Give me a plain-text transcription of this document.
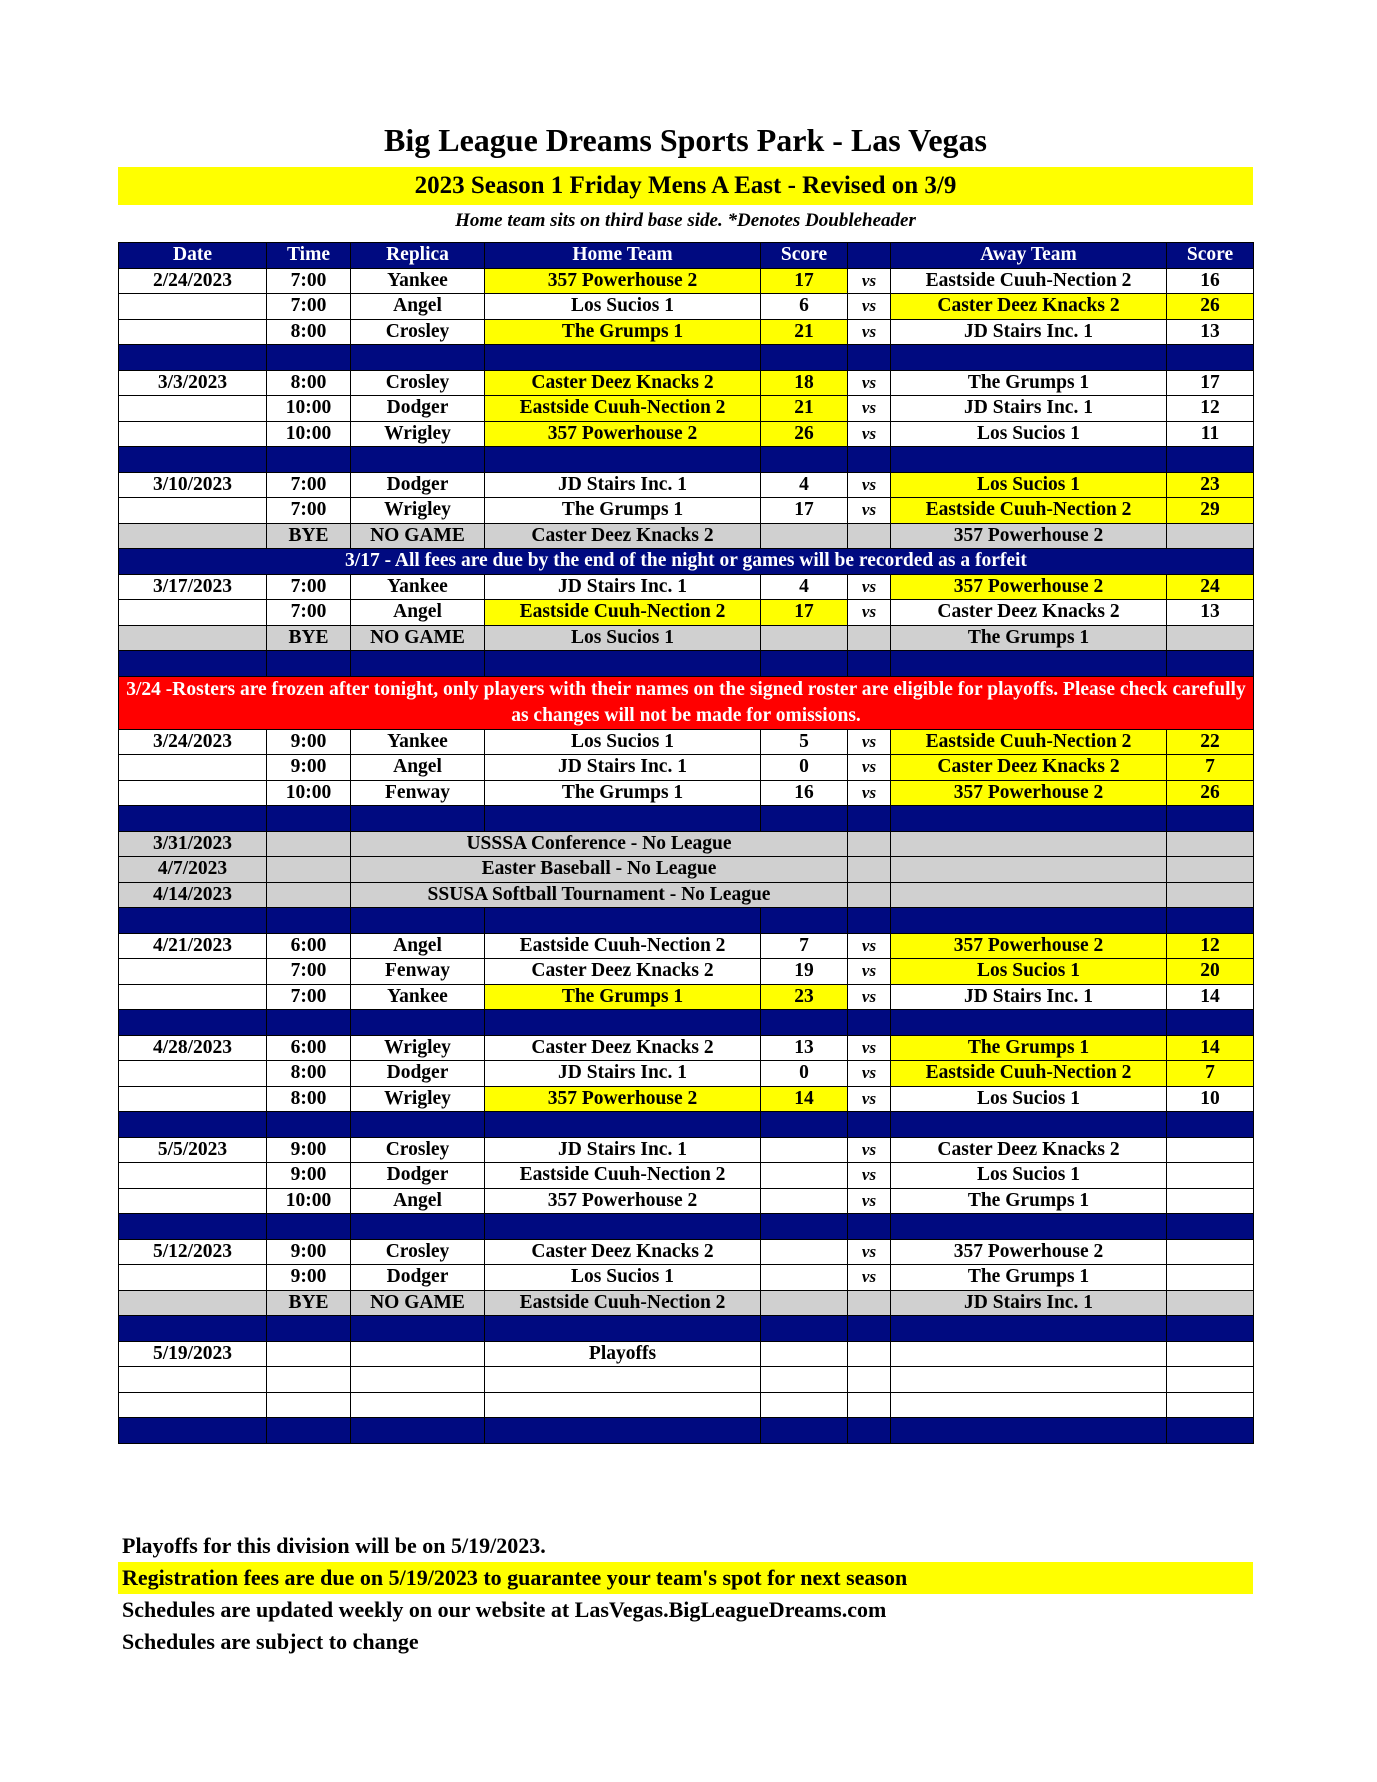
Big League Dreams Sports Park - Las Vegas
2023 Season 1 Friday Mens A East - Revised on 3/9
Home team sits on third base side. *Denotes Doubleheader
Date	Time	Replica	Home Team	Score		Away Team	Score
2/24/2023	7:00	Yankee	357 Powerhouse 2	17	vs	Eastside Cuuh-Nection 2	16
	7:00	Angel	Los Sucios 1	6	vs	Caster Deez Knacks 2	26
	8:00	Crosley	The Grumps 1	21	vs	JD Stairs Inc. 1	13

3/3/2023	8:00	Crosley	Caster Deez Knacks 2	18	vs	The Grumps 1	17
	10:00	Dodger	Eastside Cuuh-Nection 2	21	vs	JD Stairs Inc. 1	12
	10:00	Wrigley	357 Powerhouse 2	26	vs	Los Sucios 1	11

3/10/2023	7:00	Dodger	JD Stairs Inc. 1	4	vs	Los Sucios 1	23
	7:00	Wrigley	The Grumps 1	17	vs	Eastside Cuuh-Nection 2	29
	BYE	NO GAME	Caster Deez Knacks 2			357 Powerhouse 2	
3/17 - All fees are due by the end of the night or games will be recorded as a forfeit							
3/17/2023	7:00	Yankee	JD Stairs Inc. 1	4	vs	357 Powerhouse 2	24
	7:00	Angel	Eastside Cuuh-Nection 2	17	vs	Caster Deez Knacks 2	13
	BYE	NO GAME	Los Sucios 1			The Grumps 1	

3/24 -Rosters are frozen after tonight, only players with their names on the signed roster are eligible for playoffs. Please check carefully as changes will not be made for omissions.							
3/24/2023	9:00	Yankee	Los Sucios 1	5	vs	Eastside Cuuh-Nection 2	22
	9:00	Angel	JD Stairs Inc. 1	0	vs	Caster Deez Knacks 2	7
	10:00	Fenway	The Grumps 1	16	vs	357 Powerhouse 2	26

3/31/2023		USSSA Conference - No League					
4/7/2023		Easter Baseball - No League					
4/14/2023		SSUSA Softball Tournament - No League					

4/21/2023	6:00	Angel	Eastside Cuuh-Nection 2	7	vs	357 Powerhouse 2	12
	7:00	Fenway	Caster Deez Knacks 2	19	vs	Los Sucios 1	20
	7:00	Yankee	The Grumps 1	23	vs	JD Stairs Inc. 1	14

4/28/2023	6:00	Wrigley	Caster Deez Knacks 2	13	vs	The Grumps 1	14
	8:00	Dodger	JD Stairs Inc. 1	0	vs	Eastside Cuuh-Nection 2	7
	8:00	Wrigley	357 Powerhouse 2	14	vs	Los Sucios 1	10

5/5/2023	9:00	Crosley	JD Stairs Inc. 1		vs	Caster Deez Knacks 2	
	9:00	Dodger	Eastside Cuuh-Nection 2		vs	Los Sucios 1	
	10:00	Angel	357 Powerhouse 2		vs	The Grumps 1	

5/12/2023	9:00	Crosley	Caster Deez Knacks 2		vs	357 Powerhouse 2	
	9:00	Dodger	Los Sucios 1		vs	The Grumps 1	
	BYE	NO GAME	Eastside Cuuh-Nection 2			JD Stairs Inc. 1	

5/19/2023			Playoffs				

Playoffs for this division will be on 5/19/2023.
Registration fees are due on 5/19/2023 to guarantee your team's spot for next season
Schedules are updated weekly on our website at LasVegas.BigLeagueDreams.com
Schedules are subject to change
